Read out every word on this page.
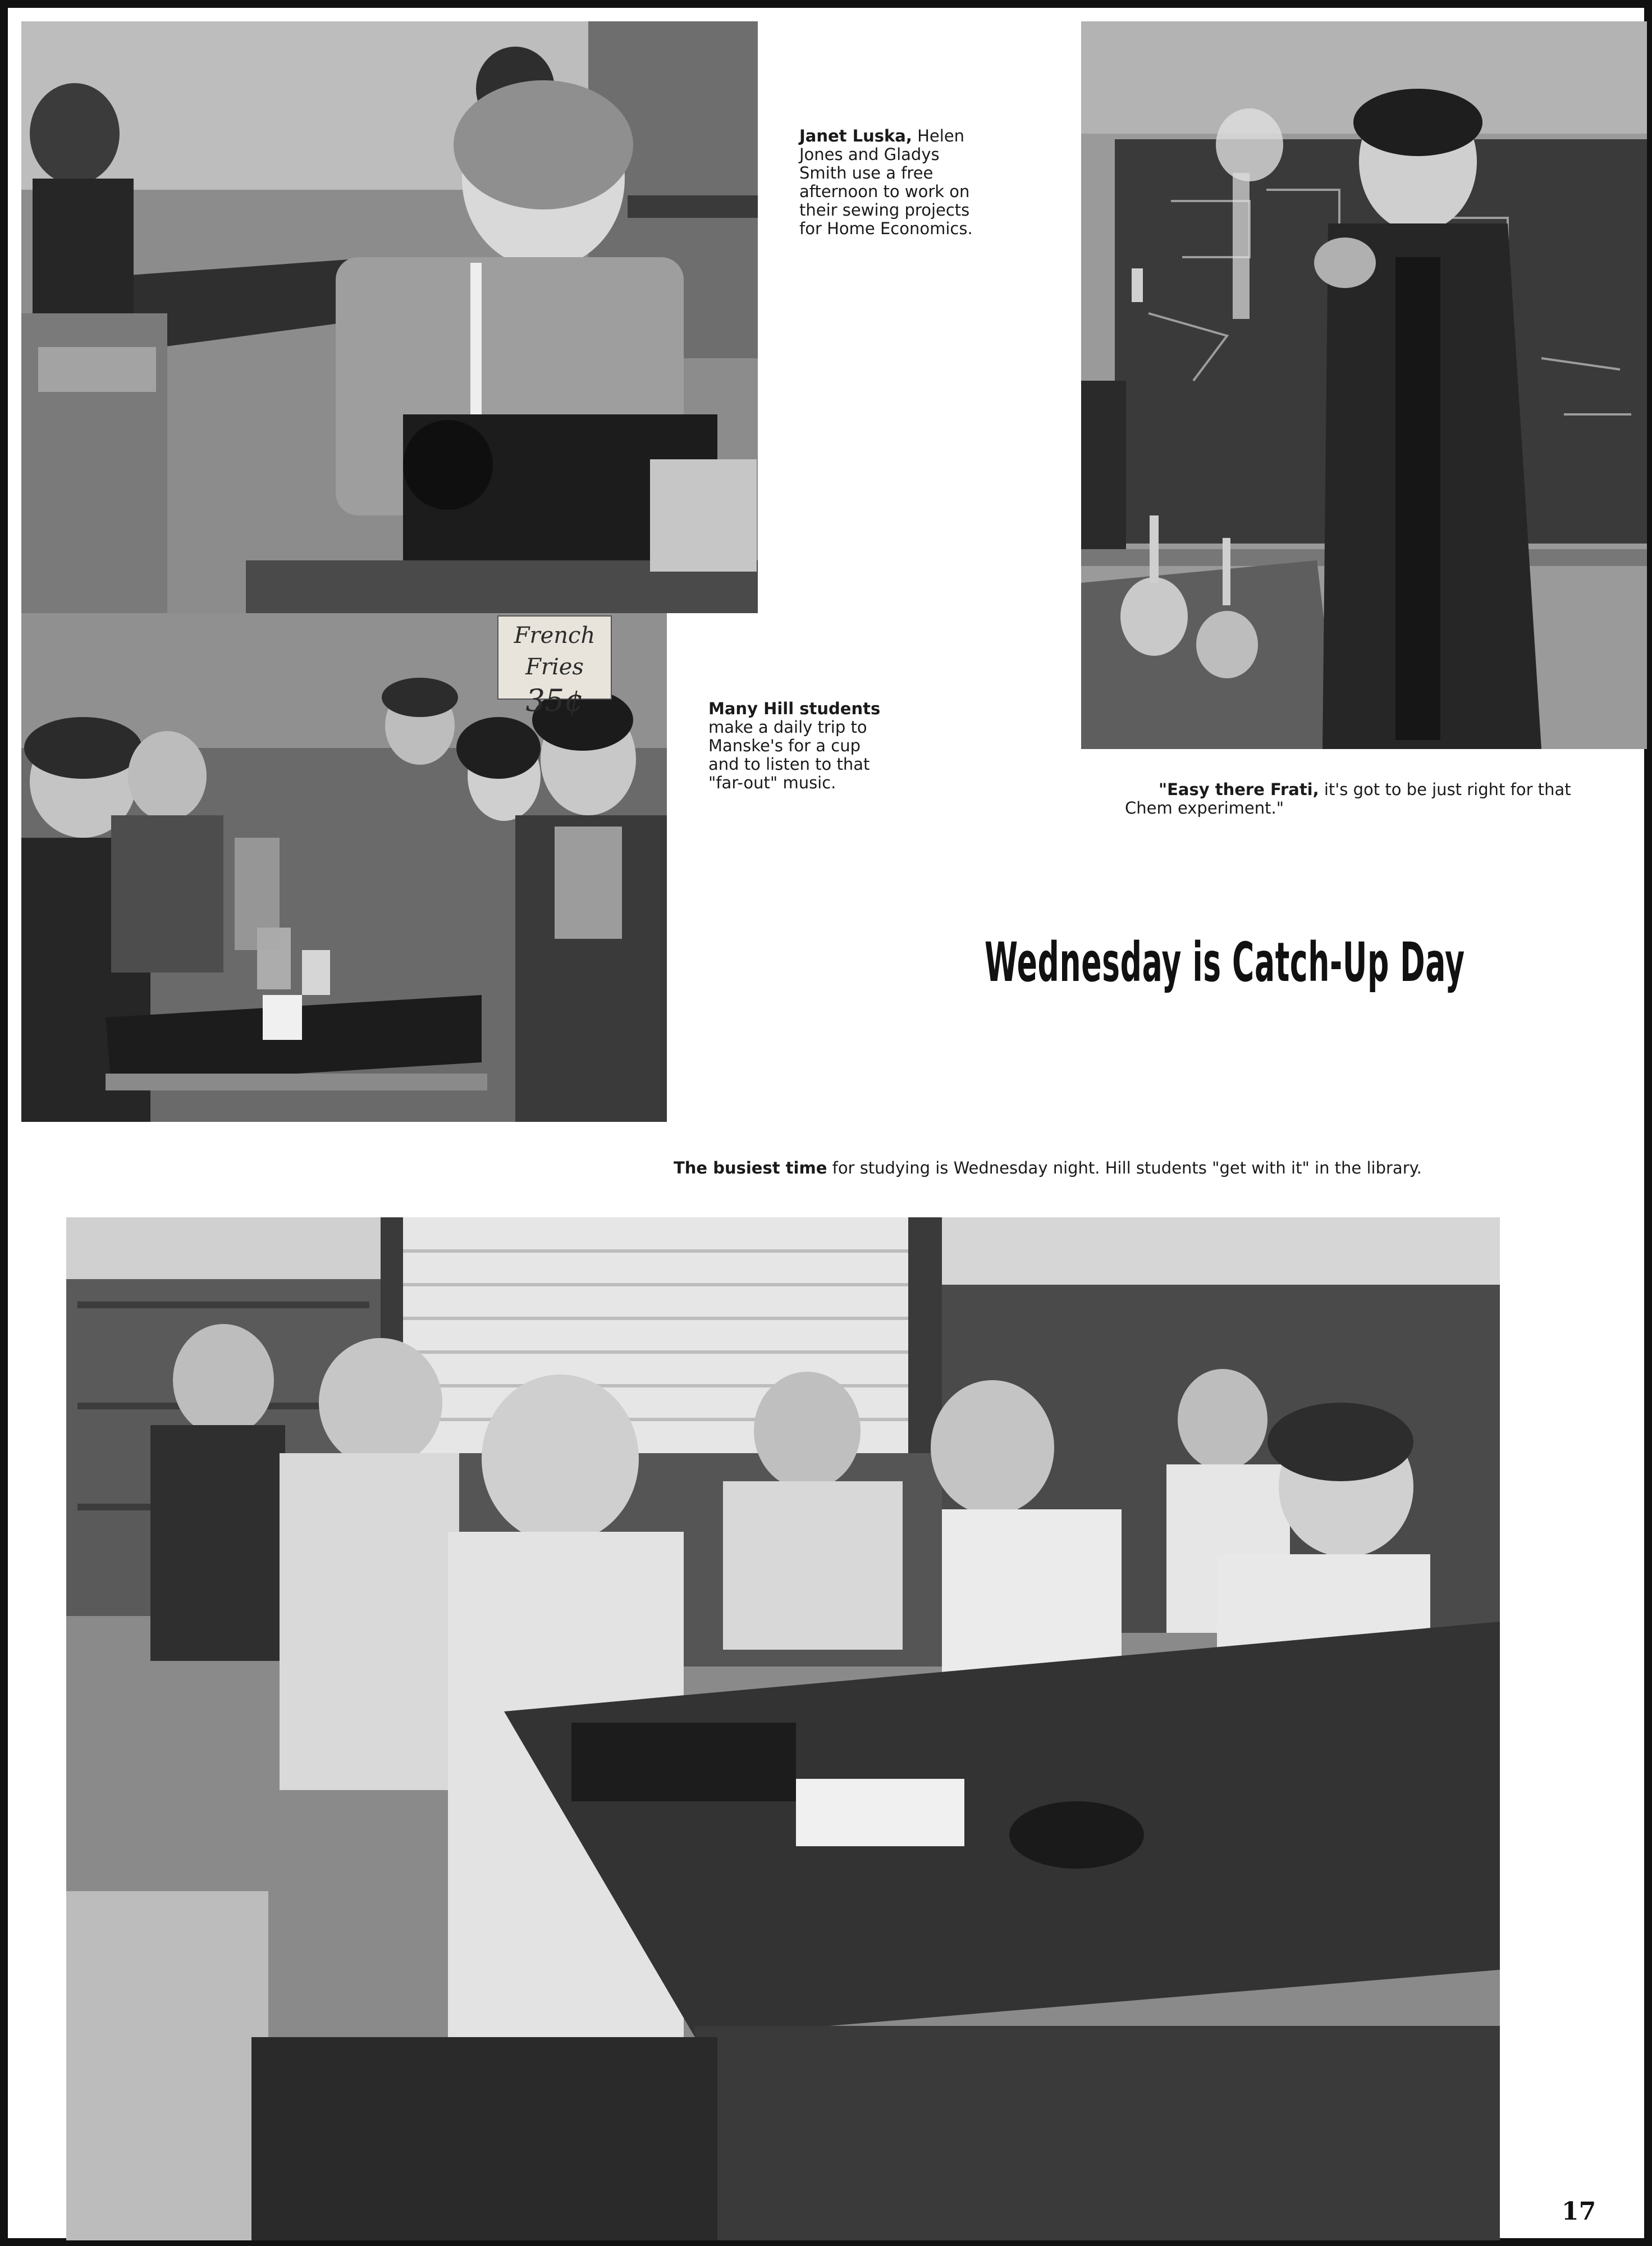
Janet Luska, Helen
Jones and Gladys
Smith use a free
afternoon to work on
their sewing projects
for Home Economics.
French Fries
35¢	Many Hill students
make a daily trip to
Manske's for a cup
and to listen to that
"far-out" music.	"Easy there Frati, it's got to be just right for that
Chem experiment."
Wednesday is Catch-Up Day
The busiest time for studying is Wednesday night. Hill students "get with it" in the library.
17
